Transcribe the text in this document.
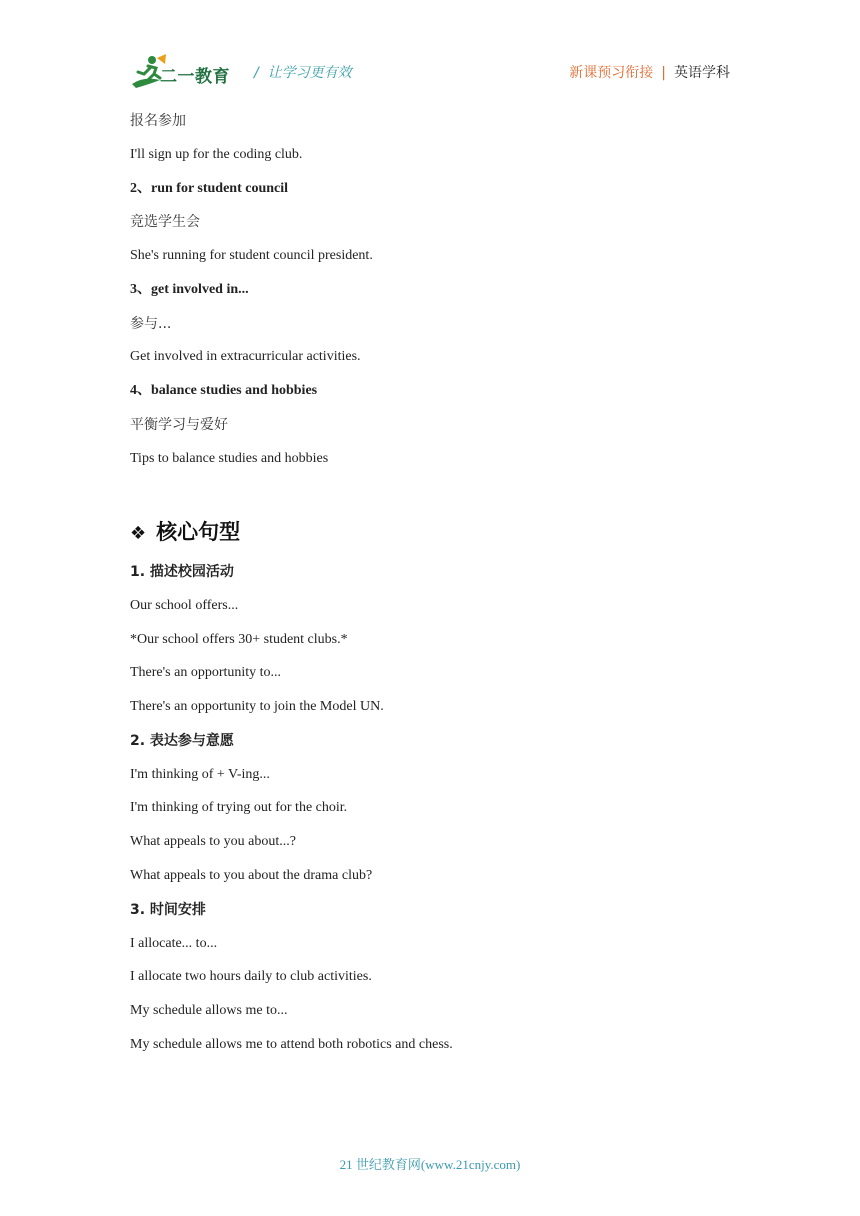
二一教育 / 让学习更有效	新课预习衔接 | 英语学科
报名参加
I'll sign up for the coding club.
2、run for student council
竞选学生会
She's running for student council president.
3、get involved in...
参与...
Get involved in extracurricular activities.
4、balance studies and hobbies
平衡学习与爱好
Tips to balance studies and hobbies
❖ 核心句型
1. 描述校园活动
Our school offers...
*Our school offers 30+ student clubs.*
There's an opportunity to...
There's an opportunity to join the Model UN.
2. 表达参与意愿
I'm thinking of + V-ing...
I'm thinking of trying out for the choir.
What appeals to you about...?
What appeals to you about the drama club?
3. 时间安排
I allocate... to...
I allocate two hours daily to club activities.
My schedule allows me to...
My schedule allows me to attend both robotics and chess.
21 世纪教育网(www.21cnjy.com)
